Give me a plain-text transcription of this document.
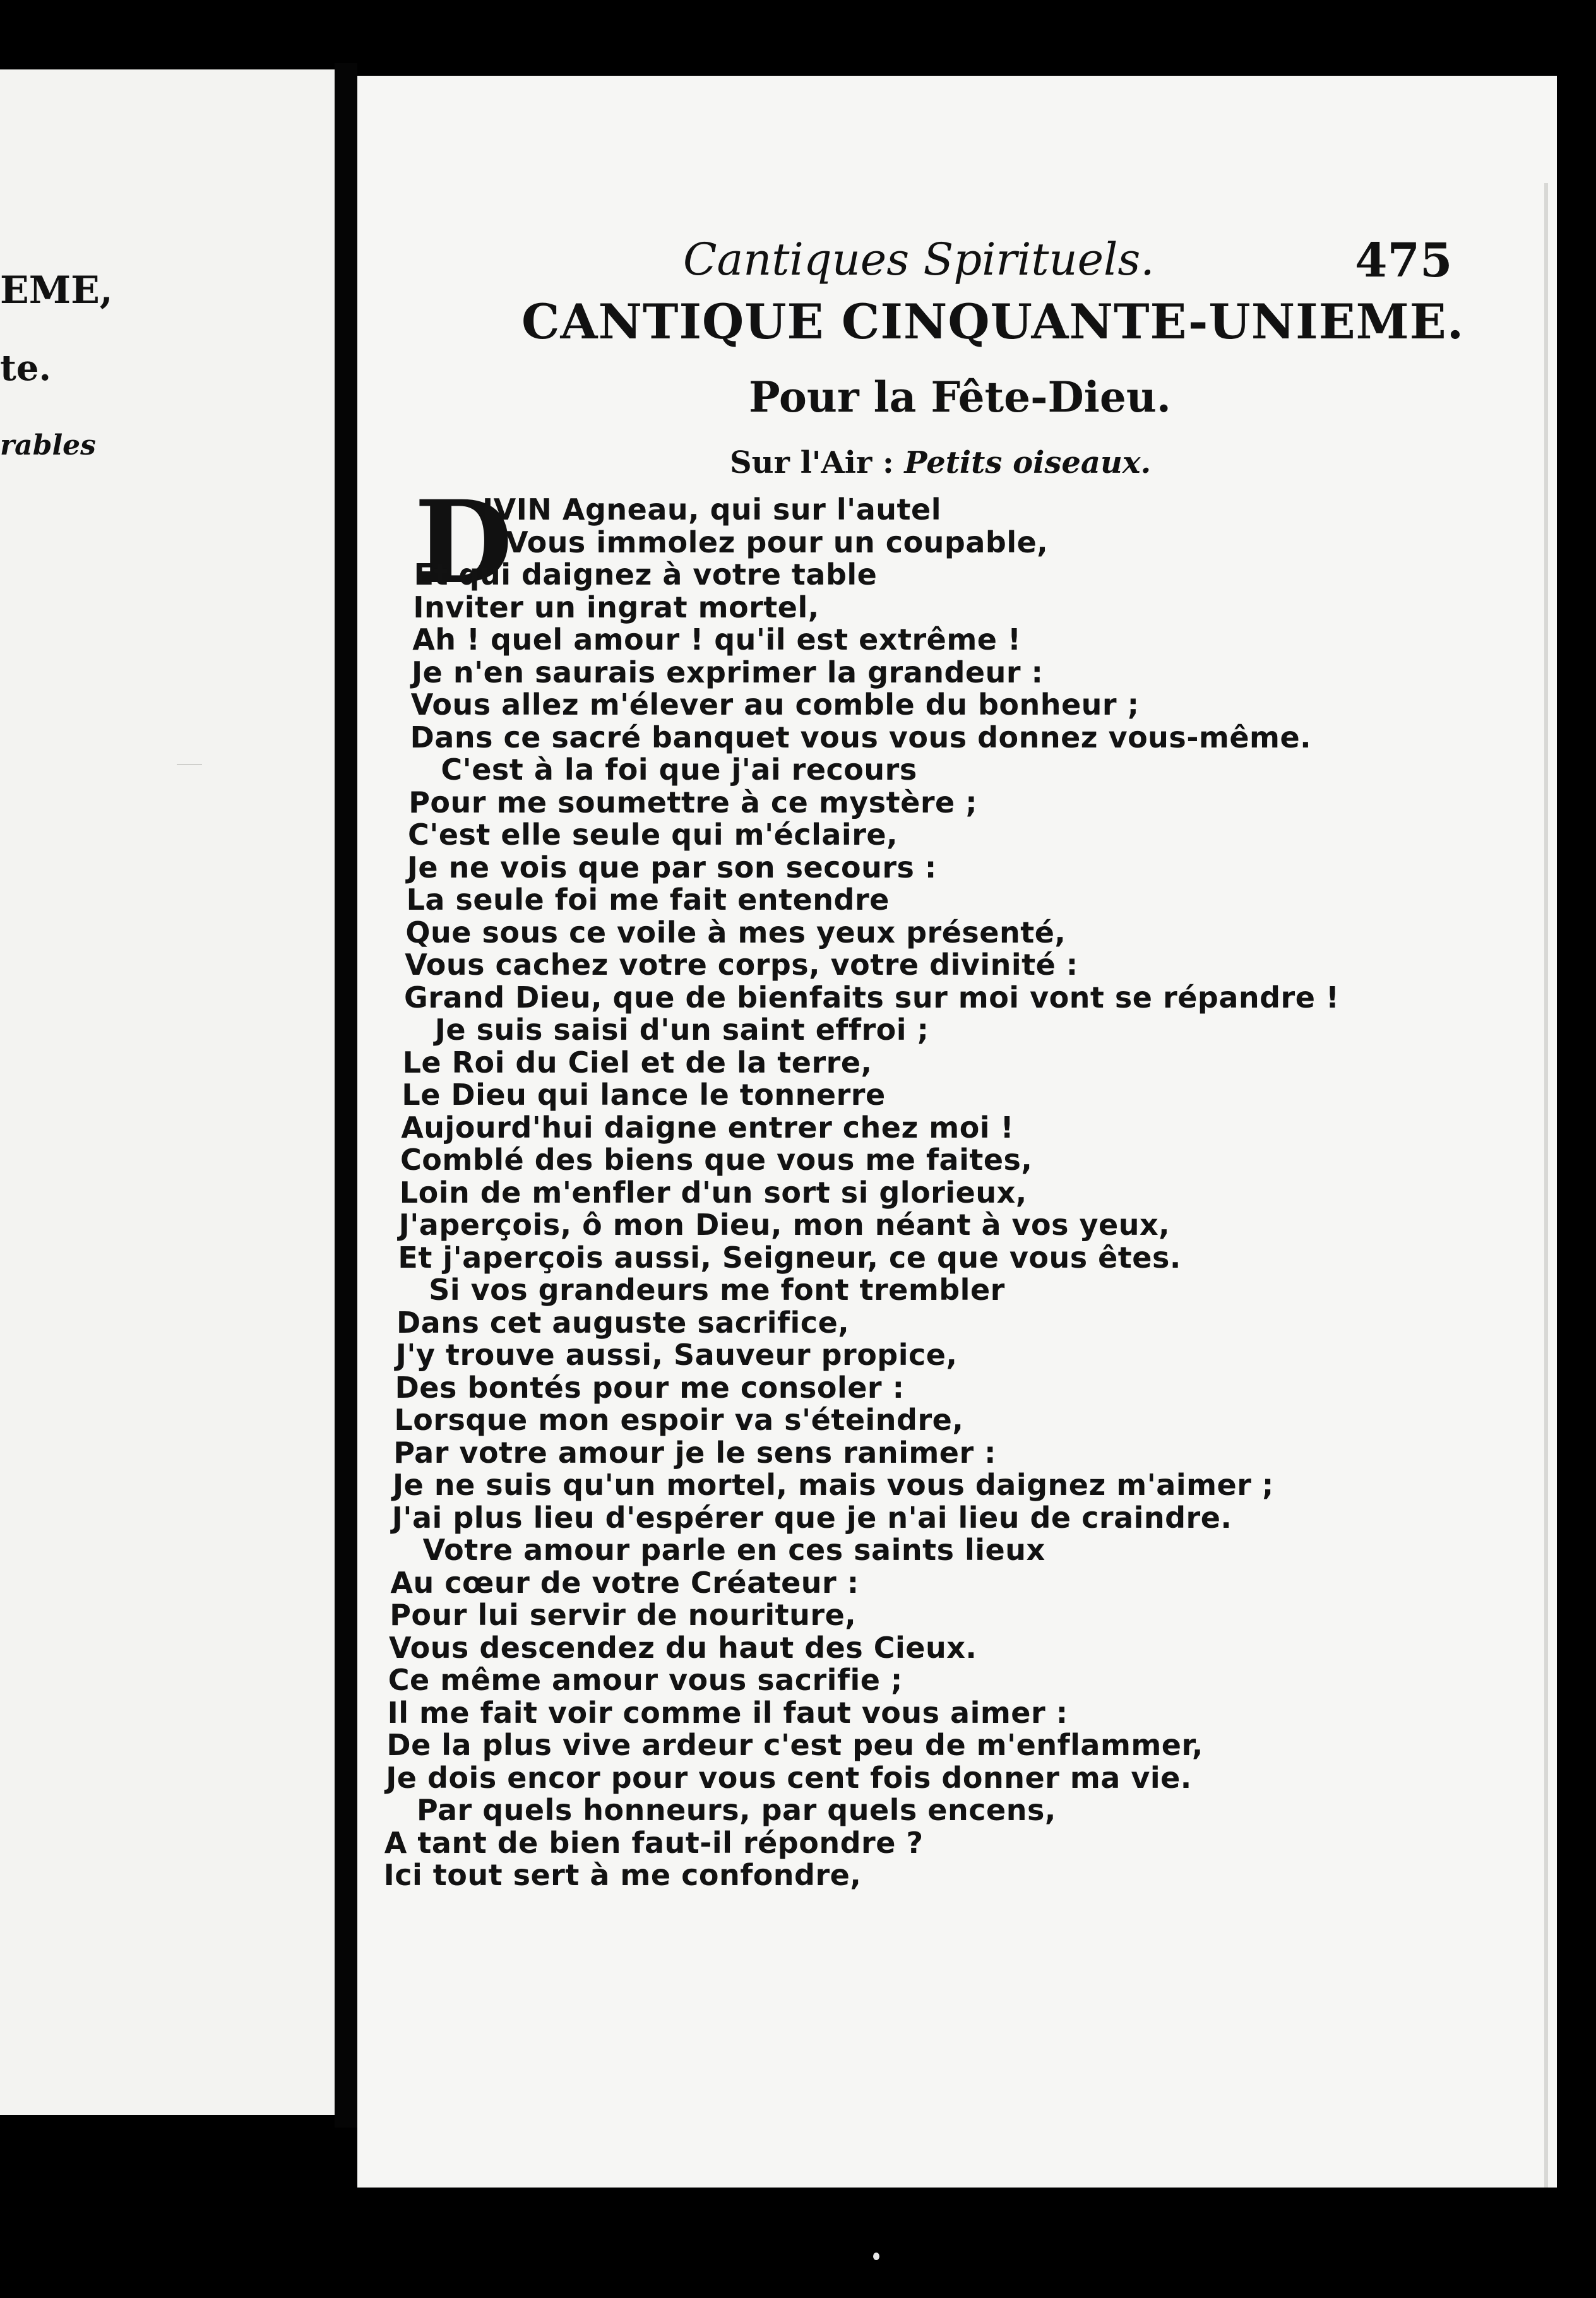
EME,
te.
rables
Cantiques Spirituels.	475
CANTIQUE CINQUANTE-UNIEME.
Pour la Fête-Dieu.
Sur l'Air : Petits oiseaux.
D
IVIN Agneau, qui sur l'autel
Vous immolez pour un coupable,
Et qui daignez à votre table
Inviter un ingrat mortel,
Ah ! quel amour ! qu'il est extrême !
Je n'en saurais exprimer la grandeur :
Vous allez m'élever au comble du bonheur ;
Dans ce sacré banquet vous vous donnez vous-même.
C'est à la foi que j'ai recours
Pour me soumettre à ce mystère ;
C'est elle seule qui m'éclaire,
Je ne vois que par son secours :
La seule foi me fait entendre
Que sous ce voile à mes yeux présenté,
Vous cachez votre corps, votre divinité :
Grand Dieu, que de bienfaits sur moi vont se répandre !
Je suis saisi d'un saint effroi ;
Le Roi du Ciel et de la terre,
Le Dieu qui lance le tonnerre
Aujourd'hui daigne entrer chez moi !
Comblé des biens que vous me faites,
Loin de m'enfler d'un sort si glorieux,
J'aperçois, ô mon Dieu, mon néant à vos yeux,
Et j'aperçois aussi, Seigneur, ce que vous êtes.
Si vos grandeurs me font trembler
Dans cet auguste sacrifice,
J'y trouve aussi, Sauveur propice,
Des bontés pour me consoler :
Lorsque mon espoir va s'éteindre,
Par votre amour je le sens ranimer :
Je ne suis qu'un mortel, mais vous daignez m'aimer ;
J'ai plus lieu d'espérer que je n'ai lieu de craindre.
Votre amour parle en ces saints lieux
Au cœur de votre Créateur :
Pour lui servir de nouriture,
Vous descendez du haut des Cieux.
Ce même amour vous sacrifie ;
Il me fait voir comme il faut vous aimer :
De la plus vive ardeur c'est peu de m'enflammer,
Je dois encor pour vous cent fois donner ma vie.
Par quels honneurs, par quels encens,
A tant de bien faut-il répondre ?
Ici tout sert à me confondre,
